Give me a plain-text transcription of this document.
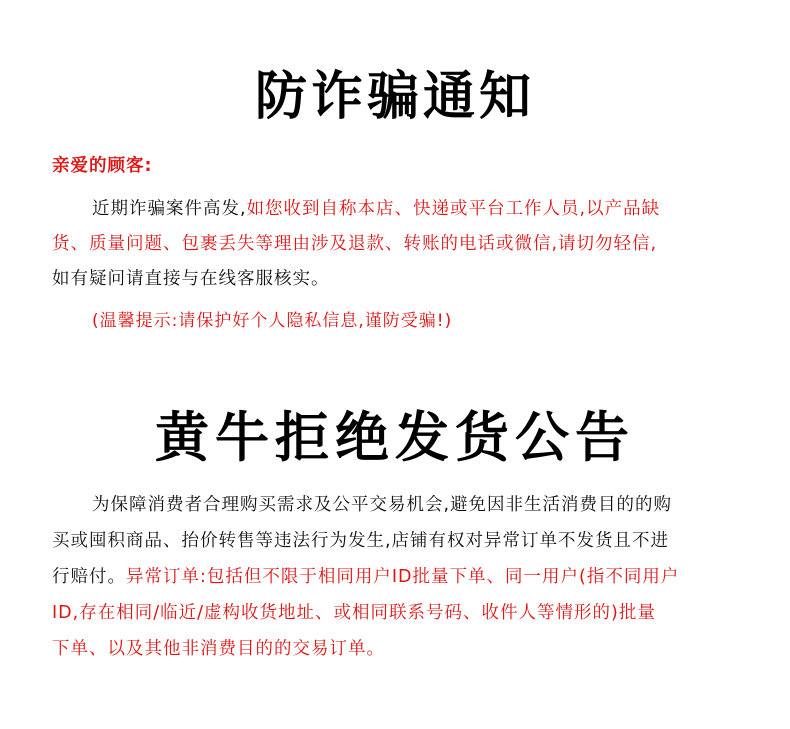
防诈骗通知

亲爱的顾客:

近期诈骗案件高发,如您收到自称本店、快递或平台工作人员,以产品缺
货、质量问题、包裹丢失等理由涉及退款、转账的电话或微信,请切勿轻信,
如有疑问请直接与在线客服核实。

(温馨提示:请保护好个人隐私信息,谨防受骗!)

黄牛拒绝发货公告
为保障消费者合理购买需求及公平交易机会,避免因非生活消费目的的购
买或囤积商品、抬价转售等违法行为发生,店铺有权对异常订单不发货且不进
行赔付。异常订单:包括但不限于相同用户ID批量下单、同一用户(指不同用户
ID,存在相同/临近/虚构收货地址、或相同联系号码、收件人等情形的)批量
下单、以及其他非消费目的的交易订单。
